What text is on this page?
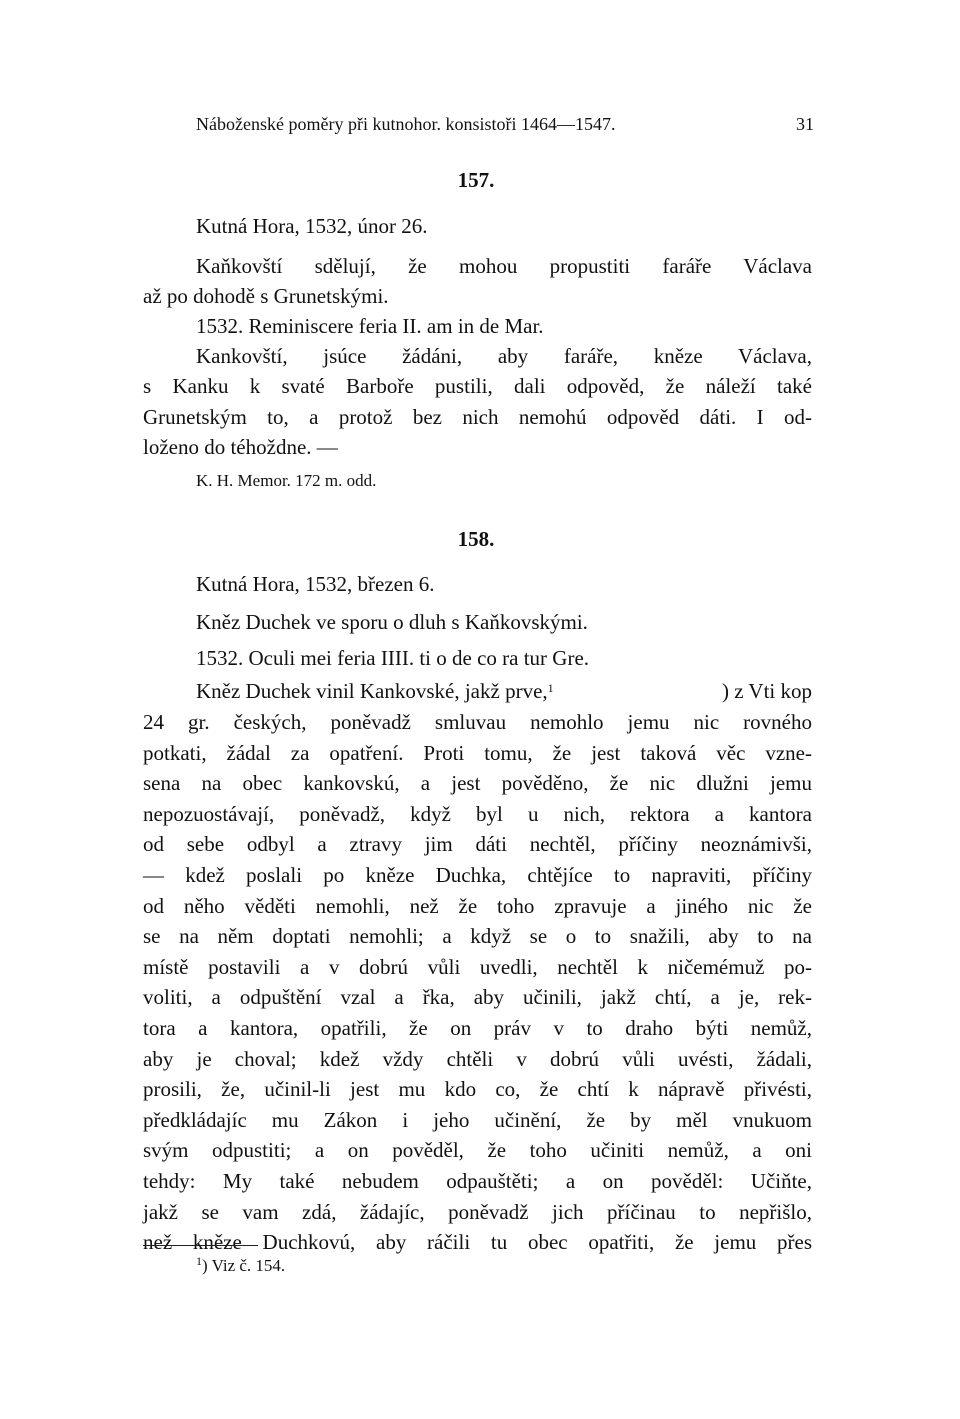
Náboženské poměry při kutnohor. konsistoři 1464—1547.	31
157.
Kutná Hora, 1532, únor 26.
Kaňkovští sdělují, že mohou propustiti faráře Václava
až po dohodě s Grunetskými.
1532. Reminiscere feria II. am in de Mar.
Kankovští, jsúce žádáni, aby faráře, kněze Václava,
s Kanku k svaté Barboře pustili, dali odpověd, že náleží také
Grunetským to, a protož bez nich nemohú odpověd dáti. I od-
loženo do téhoždne. —
K. H. Memor. 172 m. odd.
158.
Kutná Hora, 1532, březen 6.
Kněz Duchek ve sporu o dluh s Kaňkovskými.
1532. Oculi mei feria IIII. ti o de co ra tur Gre.
Kněz Duchek vinil Kankovské, jakž prve,$^1$	) z Vti kop
24 gr. českých, poněvadž smluvau nemohlo jemu nic rovného
potkati, žádal za opatření. Proti tomu, že jest taková věc vzne-
sena na obec kankovskú, a jest pověděno, že nic dlužni jemu
nepozuostávají, poněvadž, když byl u nich, rektora a kantora
od sebe odbyl a ztravy jim dáti nechtěl, příčiny neoznámivši,
— kdež poslali po kněze Duchka, chtějíce to napraviti, příčiny
od něho věděti nemohli, než že toho zpravuje a jiného nic že
se na něm doptati nemohli; a když se o to snažili, aby to na
místě postavili a v dobrú vůli uvedli, nechtěl k ničemémuž po-
voliti, a odpuštění vzal a řka, aby učinili, jakž chtí, a je, rek-
tora a kantora, opatřili, že on práv v to draho býti nemůž,
aby je choval; kdež vždy chtěli v dobrú vůli uvésti, žádali,
prosili, že, učinil-li jest mu kdo co, že chtí k nápravě přivésti,
předkládajíc mu Zákon i jeho učinění, že by měl vnukuom
svým odpustiti; a on pověděl, že toho učiniti nemůž, a oni
tehdy: My také nebudem odpauštěti; a on pověděl: Učiňte,
jakž se vam zdá, žádajíc, poněvadž jich příčinau to nepřišlo,
než kněze Duchkovú, aby ráčili tu obec opatřiti, že jemu přes
$^1$) Viz č. 154.
